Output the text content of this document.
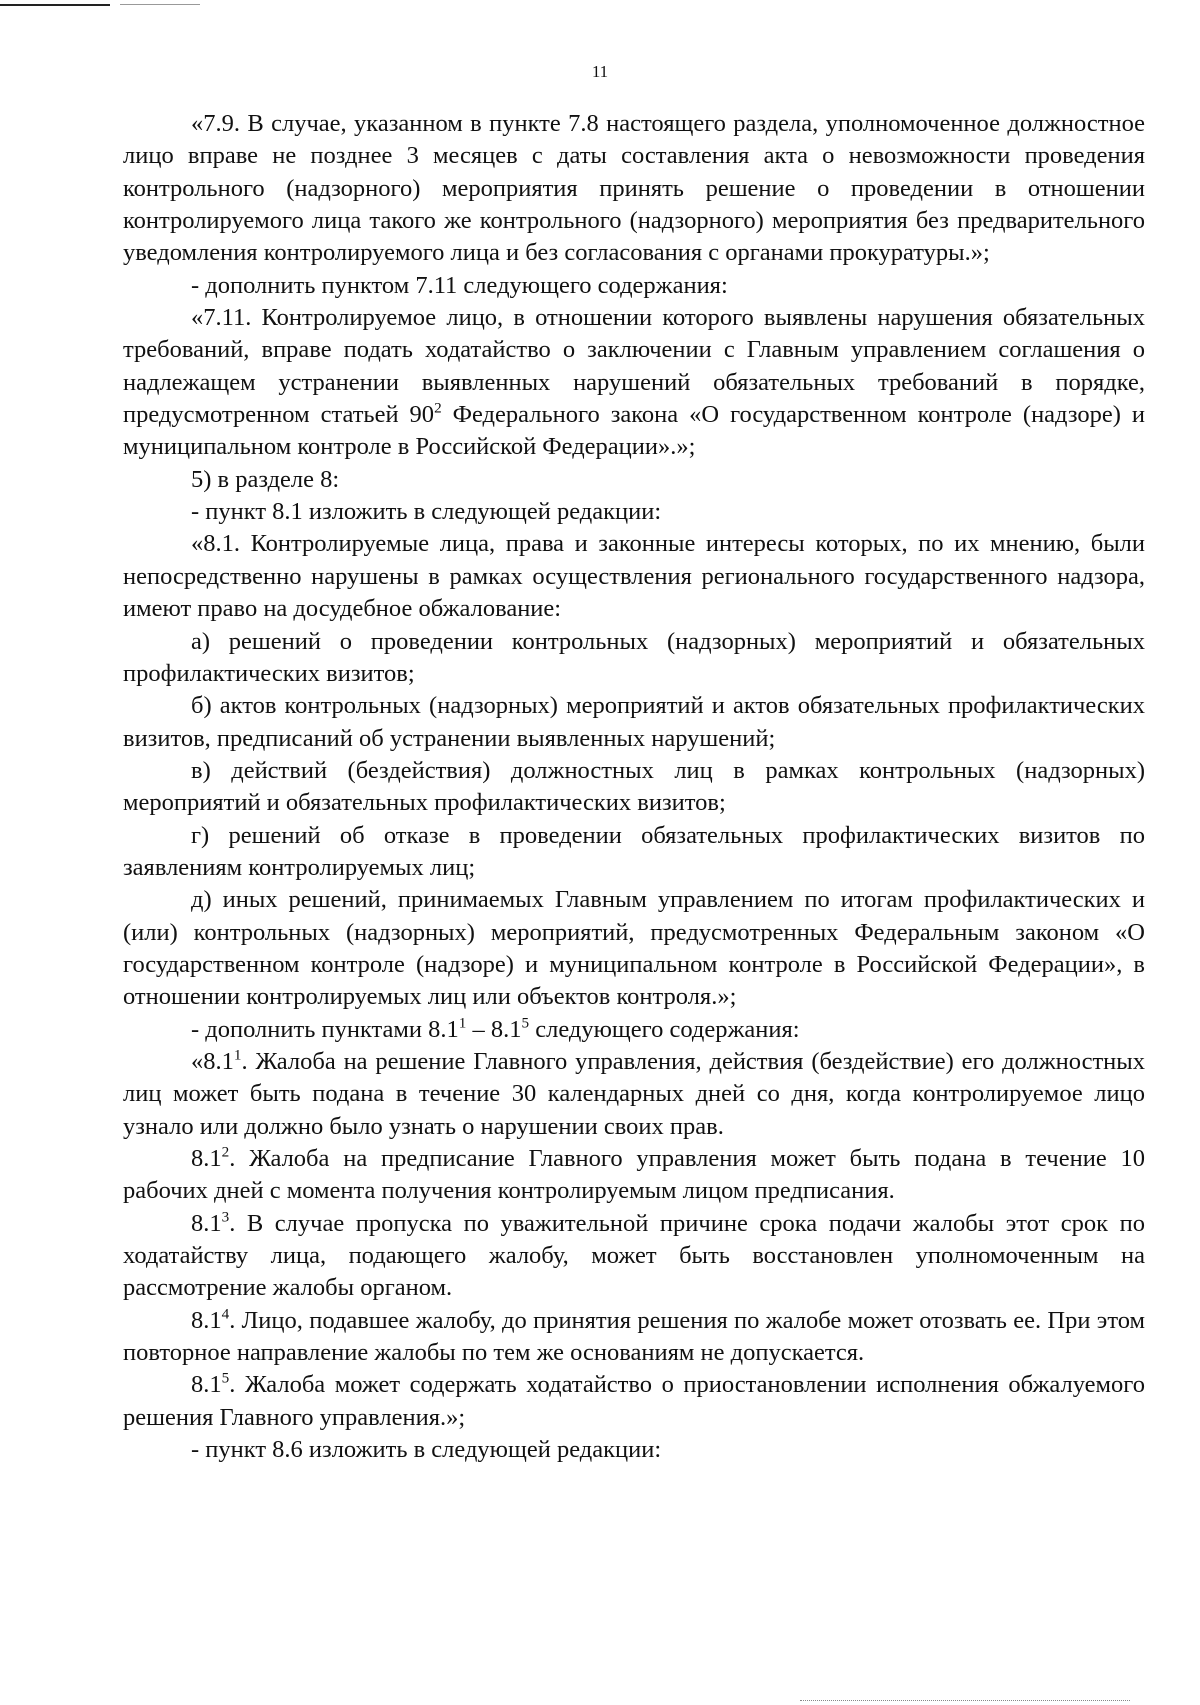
11

«7.9. В случае, указанном в пункте 7.8 настоящего раздела, уполномоченное должностное лицо вправе не позднее 3 месяцев с даты составления акта о невозможности проведения контрольного (надзорного) мероприятия принять решение о проведении в отношении контролируемого лица такого же контрольного (надзорного) мероприятия без предварительного уведомления контролируемого лица и без согласования с органами прокуратуры.»;

- дополнить пунктом 7.11 следующего содержания:

«7.11. Контролируемое лицо, в отношении которого выявлены нарушения обязательных требований, вправе подать ходатайство о заключении с Главным управлением соглашения о надлежащем устранении выявленных нарушений обязательных требований в порядке, предусмотренном статьей $90^2$ Федерального закона «О государственном контроле (надзоре) и муниципальном контроле в Российской Федерации».»;

5) в разделе 8:

- пункт 8.1 изложить в следующей редакции:

«8.1. Контролируемые лица, права и законные интересы которых, по их мнению, были непосредственно нарушены в рамках осуществления регионального государственного надзора, имеют право на досудебное обжалование:

а) решений о проведении контрольных (надзорных) мероприятий и обязательных профилактических визитов;

б) актов контрольных (надзорных) мероприятий и актов обязательных профилактических визитов, предписаний об устранении выявленных нарушений;

в) действий (бездействия) должностных лиц в рамках контрольных (надзорных) мероприятий и обязательных профилактических визитов;

г) решений об отказе в проведении обязательных профилактических визитов по заявлениям контролируемых лиц;

д) иных решений, принимаемых Главным управлением по итогам профилактических и (или) контрольных (надзорных) мероприятий, предусмотренных Федеральным законом «О государственном контроле (надзоре) и муниципальном контроле в Российской Федерации», в отношении контролируемых лиц или объектов контроля.»;

- дополнить пунктами $8.1^1 - 8.1^5$ следующего содержания:

«$8.1^1$. Жалоба на решение Главного управления, действия (бездействие) его должностных лиц может быть подана в течение 30 календарных дней со дня, когда контролируемое лицо узнало или должно было узнать о нарушении своих прав.

$8.1^2$. Жалоба на предписание Главного управления может быть подана в течение 10 рабочих дней с момента получения контролируемым лицом предписания.

$8.1^3$. В случае пропуска по уважительной причине срока подачи жалобы этот срок по ходатайству лица, подающего жалобу, может быть восстановлен уполномоченным на рассмотрение жалобы органом.

$8.1^4$. Лицо, подавшее жалобу, до принятия решения по жалобе может отозвать ее. При этом повторное направление жалобы по тем же основаниям не допускается.

$8.1^5$. Жалоба может содержать ходатайство о приостановлении исполнения обжалуемого решения Главного управления.»;

- пункт 8.6 изложить в следующей редакции:
